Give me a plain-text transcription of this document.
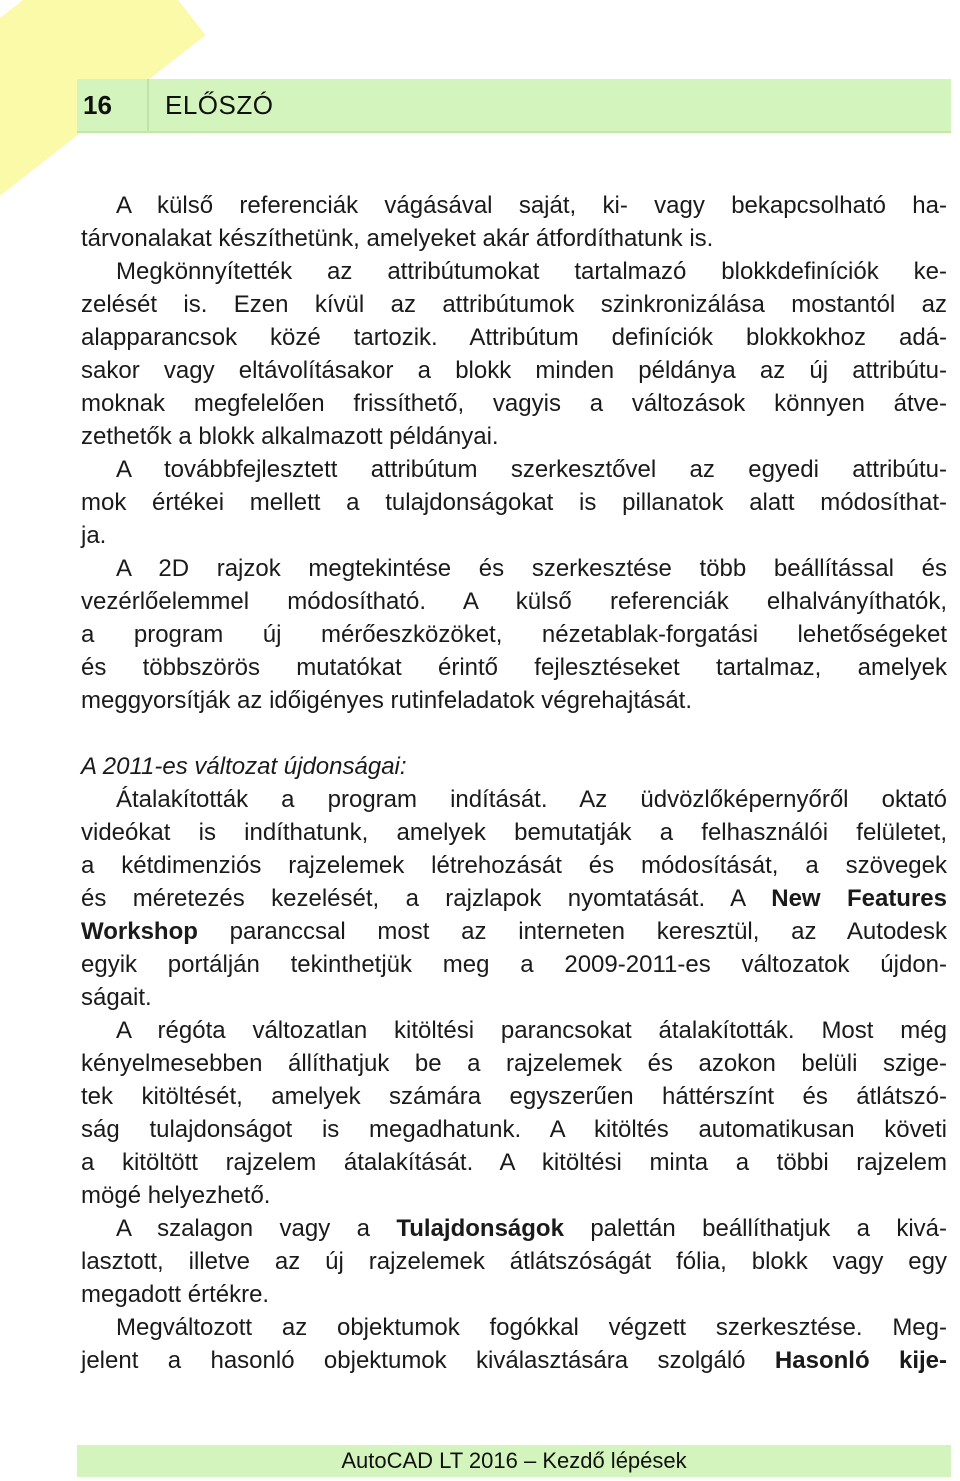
16 ELŐSZÓ

A külső referenciák vágásával saját, ki- vagy bekapcsolható ha-
tárvonalakat készíthetünk, amelyeket akár átfordíthatunk is.

Megkönnyítették az attribútumokat tartalmazó blokkdefiníciók ke-
zelését is. Ezen kívül az attribútumok szinkronizálása mostantól az
alapparancsok közé tartozik. Attribútum definíciók blokkokhoz adá-
sakor vagy eltávolításakor a blokk minden példánya az új attribútu-
moknak megfelelően frissíthető, vagyis a változások könnyen átve-
zethetők a blokk alkalmazott példányai.

A továbbfejlesztett attribútum szerkesztővel az egyedi attribútu-
mok értékei mellett a tulajdonságokat is pillanatok alatt módosíthat-
ja.

A 2D rajzok megtekintése és szerkesztése több beállítással és
vezérlőelemmel módosítható. A külső referenciák elhalványíthatók,
a program új mérőeszközöket, nézetablak-forgatási lehetőségeket
és többszörös mutatókat érintő fejlesztéseket tartalmaz, amelyek
meggyorsítják az időigényes rutinfeladatok végrehajtását.

A 2011-es változat újdonságai:

Átalakították a program indítását. Az üdvözlőképernyőről oktató
videókat is indíthatunk, amelyek bemutatják a felhasználói felületet,
a kétdimenziós rajzelemek létrehozását és módosítását, a szövegek
és méretezés kezelését, a rajzlapok nyomtatását. A New Features
Workshop paranccsal most az interneten keresztül, az Autodesk
egyik portálján tekinthetjük meg a 2009-2011-es változatok újdon-
ságait.

A régóta változatlan kitöltési parancsokat átalakították. Most még
kényelmesebben állíthatjuk be a rajzelemek és azokon belüli szige-
tek kitöltését, amelyek számára egyszerűen háttérszínt és átlátszó-
ság tulajdonságot is megadhatunk. A kitöltés automatikusan követi
a kitöltött rajzelem átalakítását. A kitöltési minta a többi rajzelem
mögé helyezhető.

A szalagon vagy a Tulajdonságok palettán beállíthatjuk a kivá-
lasztott, illetve az új rajzelemek átlátszóságát fólia, blokk vagy egy
megadott értékre.

Megváltozott az objektumok fogókkal végzett szerkesztése. Meg-
jelent a hasonló objektumok kiválasztására szolgáló Hasonló kije-

AutoCAD LT 2016 – Kezdő lépések
